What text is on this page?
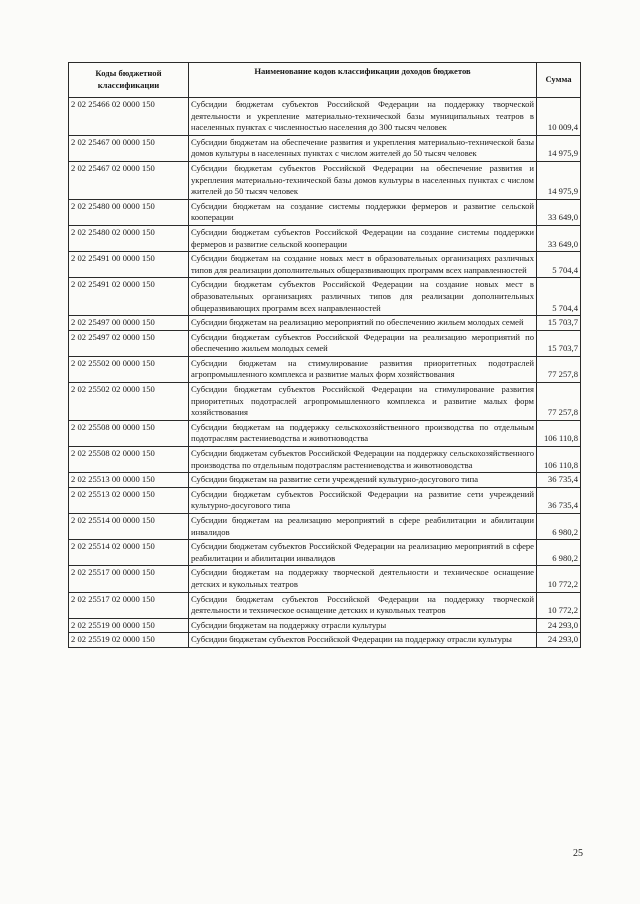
Коды бюджетной классификации	Наименование кодов классификации доходов бюджетов	Сумма
2 02 25466 02 0000 150	Субсидии бюджетам субъектов Российской Федерации на поддержку творческой деятельности и укрепление материально-технической базы муниципальных театров в населенных пунктах с численностью населения до 300 тысяч человек	10 009,4
2 02 25467 00 0000 150	Субсидии бюджетам на обеспечение развития и укрепления материально-технической базы домов культуры в населенных пунктах с числом жителей до 50 тысяч человек	14 975,9
2 02 25467 02 0000 150	Субсидии бюджетам субъектов Российской Федерации на обеспечение развития и укрепления материально-технической базы домов культуры в населенных пунктах с числом жителей до 50 тысяч человек	14 975,9
2 02 25480 00 0000 150	Субсидии бюджетам на создание системы поддержки фермеров и развитие сельской кооперации	33 649,0
2 02 25480 02 0000 150	Субсидии бюджетам субъектов Российской Федерации на создание системы поддержки фермеров и развитие сельской кооперации	33 649,0
2 02 25491 00 0000 150	Субсидии бюджетам на создание новых мест в образовательных организациях различных типов для реализации дополнительных общеразвивающих программ всех направленностей	5 704,4
2 02 25491 02 0000 150	Субсидии бюджетам субъектов Российской Федерации на создание новых мест в образовательных организациях различных типов для реализации дополнительных общеразвивающих программ всех направленностей	5 704,4
2 02 25497 00 0000 150	Субсидии бюджетам на реализацию мероприятий по обеспечению жильем молодых семей	15 703,7
2 02 25497 02 0000 150	Субсидии бюджетам субъектов Российской Федерации на реализацию мероприятий по обеспечению жильем молодых семей	15 703,7
2 02 25502 00 0000 150	Субсидии бюджетам на стимулирование развития приоритетных подотраслей агропромышленного комплекса и развитие малых форм хозяйствования	77 257,8
2 02 25502 02 0000 150	Субсидии бюджетам субъектов Российской Федерации на стимулирование развития приоритетных подотраслей агропромышленного комплекса и развитие малых форм хозяйствования	77 257,8
2 02 25508 00 0000 150	Субсидии бюджетам на поддержку сельскохозяйственного производства по отдельным подотраслям растениеводства и животноводства	106 110,8
2 02 25508 02 0000 150	Субсидии бюджетам субъектов Российской Федерации на поддержку сельскохозяйственного производства по отдельным подотраслям растениеводства и животноводства	106 110,8
2 02 25513 00 0000 150	Субсидии бюджетам на развитие сети учреждений культурно-досугового типа	36 735,4
2 02 25513 02 0000 150	Субсидии бюджетам субъектов Российской Федерации на развитие сети учреждений культурно-досугового типа	36 735,4
2 02 25514 00 0000 150	Субсидии бюджетам на реализацию мероприятий в сфере реабилитации и абилитации инвалидов	6 980,2
2 02 25514 02 0000 150	Субсидии бюджетам субъектов Российской Федерации на реализацию мероприятий в сфере реабилитации и абилитации инвалидов	6 980,2
2 02 25517 00 0000 150	Субсидии бюджетам на поддержку творческой деятельности и техническое оснащение детских и кукольных театров	10 772,2
2 02 25517 02 0000 150	Субсидии бюджетам субъектов Российской Федерации на поддержку творческой деятельности и техническое оснащение детских и кукольных театров	10 772,2
2 02 25519 00 0000 150	Субсидии бюджетам на поддержку отрасли культуры	24 293,0
2 02 25519 02 0000 150	Субсидии бюджетам субъектов Российской Федерации на поддержку отрасли культуры	24 293,0
25
